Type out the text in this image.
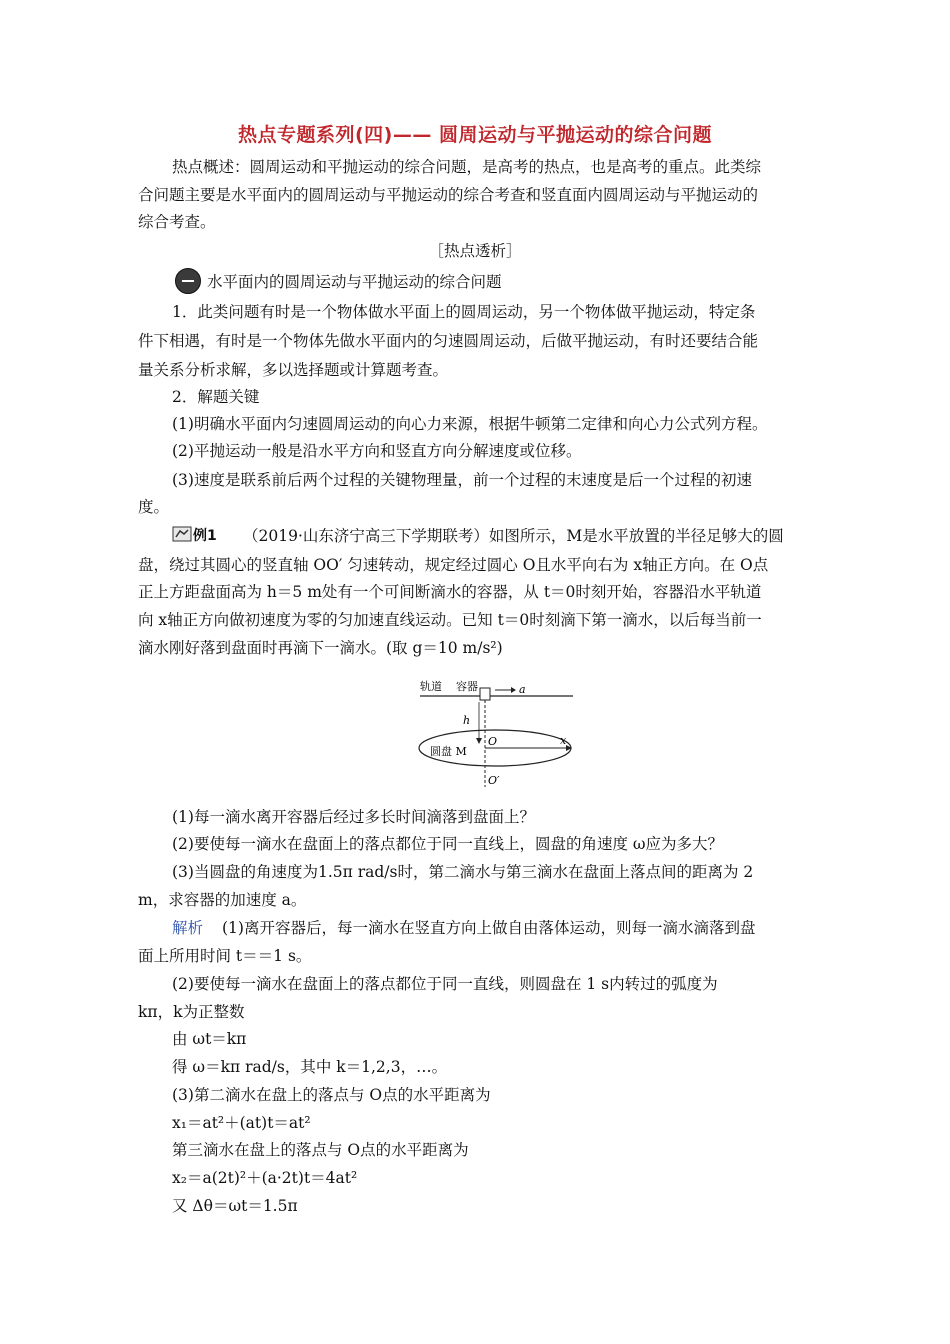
热点专题系列(四)—— 圆周运动与平抛运动的综合问题
热点概述：圆周运动和平抛运动的综合问题，是高考的热点，也是高考的重点。此类综
合问题主要是水平面内的圆周运动与平抛运动的综合考查和竖直面内圆周运动与平抛运动的
综合考查。
［热点透析］
水平面内的圆周运动与平抛运动的综合问题
1．此类问题有时是一个物体做水平面上的圆周运动，另一个物体做平抛运动，特定条
件下相遇，有时是一个物体先做水平面内的匀速圆周运动，后做平抛运动，有时还要结合能
量关系分析求解，多以选择题或计算题考查。
2．解题关键
(1)明确水平面内匀速圆周运动的向心力来源，根据牛顿第二定律和向心力公式列方程。
(2)平抛运动一般是沿水平方向和竖直方向分解速度或位移。
(3)速度是联系前后两个过程的关键物理量，前一个过程的末速度是后一个过程的初速
度。
例1 （2019·山东济宁高三下学期联考）如图所示，M是水平放置的半径足够大的圆
盘，绕过其圆心的竖直轴 OO′ 匀速转动，规定经过圆心 O且水平向右为 x轴正方向。在 O点
正上方距盘面高为 h＝5 m处有一个可间断滴水的容器，从 t＝0时刻开始，容器沿水平轨道
向 x轴正方向做初速度为零的匀加速直线运动。已知 t＝0时刻滴下第一滴水，以后每当前一
滴水刚好落到盘面时再滴下一滴水。(取 g＝10 m/s²)
轨道 容器	a
h
O	x
圆盘 M
O′
(1)每一滴水离开容器后经过多长时间滴落到盘面上？
(2)要使每一滴水在盘面上的落点都位于同一直线上，圆盘的角速度 ω应为多大？
(3)当圆盘的角速度为1.5π rad/s时，第二滴水与第三滴水在盘面上落点间的距离为 2
m，求容器的加速度 a。
解析 (1)离开容器后，每一滴水在竖直方向上做自由落体运动，则每一滴水滴落到盘
面上所用时间 t＝＝1 s。
(2)要使每一滴水在盘面上的落点都位于同一直线，则圆盘在 1 s内转过的弧度为
kπ，k为正整数
由 ωt＝kπ
得 ω＝kπ rad/s，其中 k＝1,2,3，…。
(3)第二滴水在盘上的落点与 O点的水平距离为
x₁＝at²＋(at)t＝at²
第三滴水在盘上的落点与 O点的水平距离为
x₂＝a(2t)²＋(a·2t)t＝4at²
又 Δθ＝ωt＝1.5π
